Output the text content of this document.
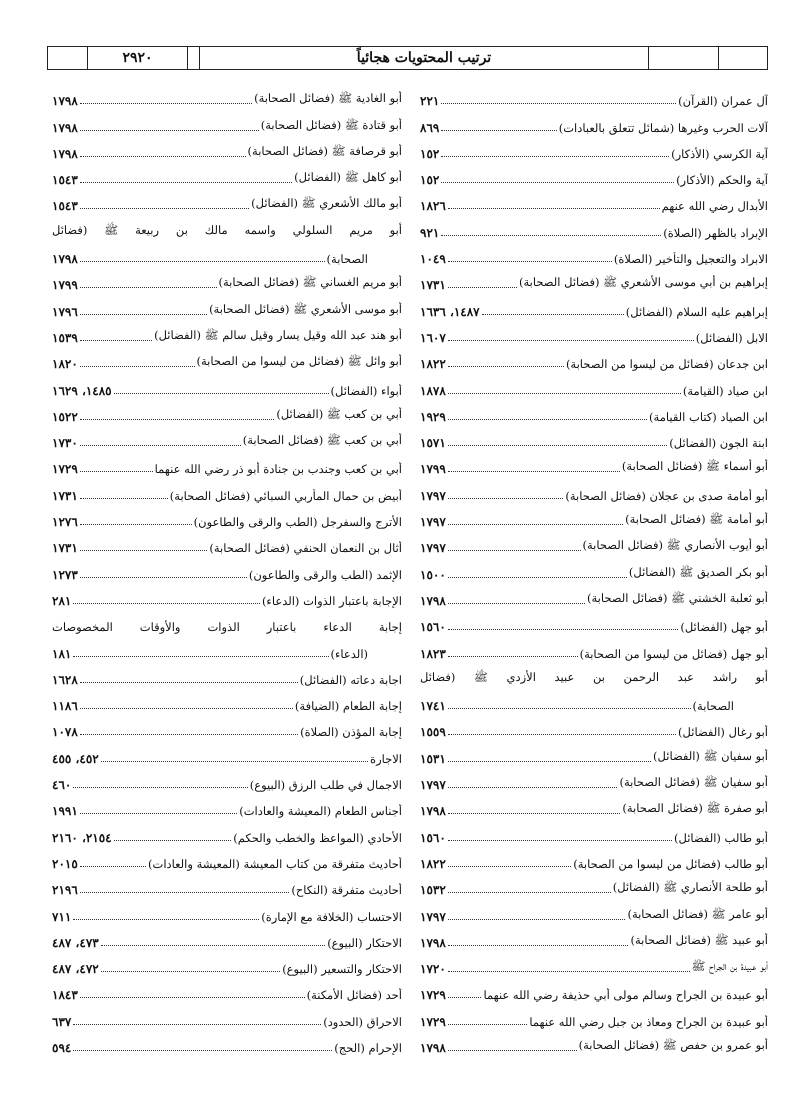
٢٩٢٠	ترتيب المحتويات هجائياً
آل عمران (القرآن)
٢٢١
آلات الحرب وغيرها (شمائل تتعلق بالعبادات)
٨٦٩
آية الكرسي (الأذكار)
١٥٢
آية والحكم (الأذكار)
١٥٢
الأبدال رضي الله عنهم
١٨٢٦
الإبراد بالظهر (الصلاة)
٩٢١
الابراد والتعجيل والتأخير (الصلاة)
١٠٤٩
إبراهيم بن أبي موسى الأشعري ﷺ (فضائل الصحابة)
١٧٣١
إبراهيم عليه السلام (الفضائل)
١٤٨٧، ١٦٣٦
الابل (الفضائل)
١٦٠٧
ابن جدعان (فضائل من ليسوا من الصحابة)
١٨٢٢
ابن صياد (القيامة)
١٨٧٨
ابن الصياد (كتاب القيامة)
١٩٢٩
ابنة الجون (الفضائل)
١٥٧١
أبو أسماء ﷺ (فضائل الصحابة)
١٧٩٩
أبو أمامة صدى بن عجلان (فضائل الصحابة)
١٧٩٧
أبو أمامة ﷺ (فضائل الصحابة)
١٧٩٧
أبو أيوب الأنصاري ﷺ (فضائل الصحابة)
١٧٩٧
أبو بكر الصديق ﷺ (الفضائل)
١٥٠٠
أبو ثعلبة الخشني ﷺ (فضائل الصحابة)
١٧٩٨
أبو جهل (الفضائل)
١٥٦٠
أبو جهل (فضائل من ليسوا من الصحابة)
١٨٢٣
أبو راشد عبد الرحمن بن عبيد الأزدي ﷺ (فضائل
الصحابة)
١٧٤١
أبو رغال (الفضائل)
١٥٥٩
أبو سفيان ﷺ (الفضائل)
١٥٣١
أبو سفيان ﷺ (فضائل الصحابة)
١٧٩٧
أبو صفرة ﷺ (فضائل الصحابة)
١٧٩٨
أبو طالب (الفضائل)
١٥٦٠
أبو طالب (فضائل من ليسوا من الصحابة)
١٨٢٢
أبو طلحة الأنصاري ﷺ (الفضائل)
١٥٣٢
أبو عامر ﷺ (فضائل الصحابة)
١٧٩٧
أبو عبيد ﷺ (فضائل الصحابة)
١٧٩٨
أبو عبيدة بن الجراح ﷺ
١٧٢٠
أبو عبيدة بن الجراح وسالم مولى أبي حذيفة رضي الله عنهما
١٧٢٩
أبو عبيدة بن الجراح ومعاذ بن جبل رضي الله عنهما
١٧٢٩
أبو عمرو بن حفص ﷺ (فضائل الصحابة)
١٧٩٨
أبو الغادية ﷺ (فضائل الصحابة)
١٧٩٨
أبو قتادة ﷺ (فضائل الصحابة)
١٧٩٨
أبو قرصافة ﷺ (فضائل الصحابة)
١٧٩٨
أبو كاهل ﷺ (الفضائل)
١٥٤٣
أبو مالك الأشعري ﷺ (الفضائل)
١٥٤٣
أبو مريم السلولي واسمه مالك بن ربيعة ﷺ (فضائل
الصحابة)
١٧٩٨
أبو مريم الغساني ﷺ (فضائل الصحابة)
١٧٩٩
أبو موسى الأشعري ﷺ (فضائل الصحابة)
١٧٩٦
أبو هند عبد الله وقيل يسار وقيل سالم ﷺ (الفضائل)
١٥٣٩
أبو وائل ﷺ (فضائل من ليسوا من الصحابة)
١٨٢٠
أبواء (الفضائل)
١٤٨٥، ١٦٢٩
أبي بن كعب ﷺ (الفضائل)
١٥٢٢
أبي بن كعب ﷺ (فضائل الصحابة)
١٧٣٠
أبي بن كعب وجندب بن جنادة أبو ذر رضي الله عنهما
١٧٢٩
أبيض بن حمال المأربي السبائي (فضائل الصحابة)
١٧٣١
الأترج والسفرجل (الطب والرقى والطاعون)
١٢٧٦
أثال بن النعمان الحنفي (فضائل الصحابة)
١٧٣١
الإثمد (الطب والرقى والطاعون)
١٢٧٣
الإجابة باعتبار الذوات (الدعاء)
٢٨١
إجابة الدعاء باعتبار الذوات والأوقات المخصوصات
(الدعاء)
١٨١
اجابة دعاته (الفضائل)
١٦٢٨
إجابة الطعام (الضيافة)
١١٨٦
إجابة المؤذن (الصلاة)
١٠٧٨
الاجارة
٤٥٢، ٤٥٥
الاجمال في طلب الرزق (البيوع)
٤٦٠
أجناس الطعام (المعيشة والعادات)
١٩٩١
الأحادي (المواعظ والخطب والحكم)
٢١٥٤، ٢١٦٠
أحاديث متفرقة من كتاب المعيشة (المعيشة والعادات)
٢٠١٥
أحاديث متفرقة (النكاح)
٢١٩٦
الاحتساب (الخلافة مع الإمارة)
٧١١
الاحتكار (البيوع)
٤٧٣، ٤٨٧
الاحتكار والتسعير (البيوع)
٤٧٢، ٤٨٧
أحد (فضائل الأمكنة)
١٨٤٣
الاحراق (الحدود)
٦٣٧
الإحرام (الحج)
٥٩٤
